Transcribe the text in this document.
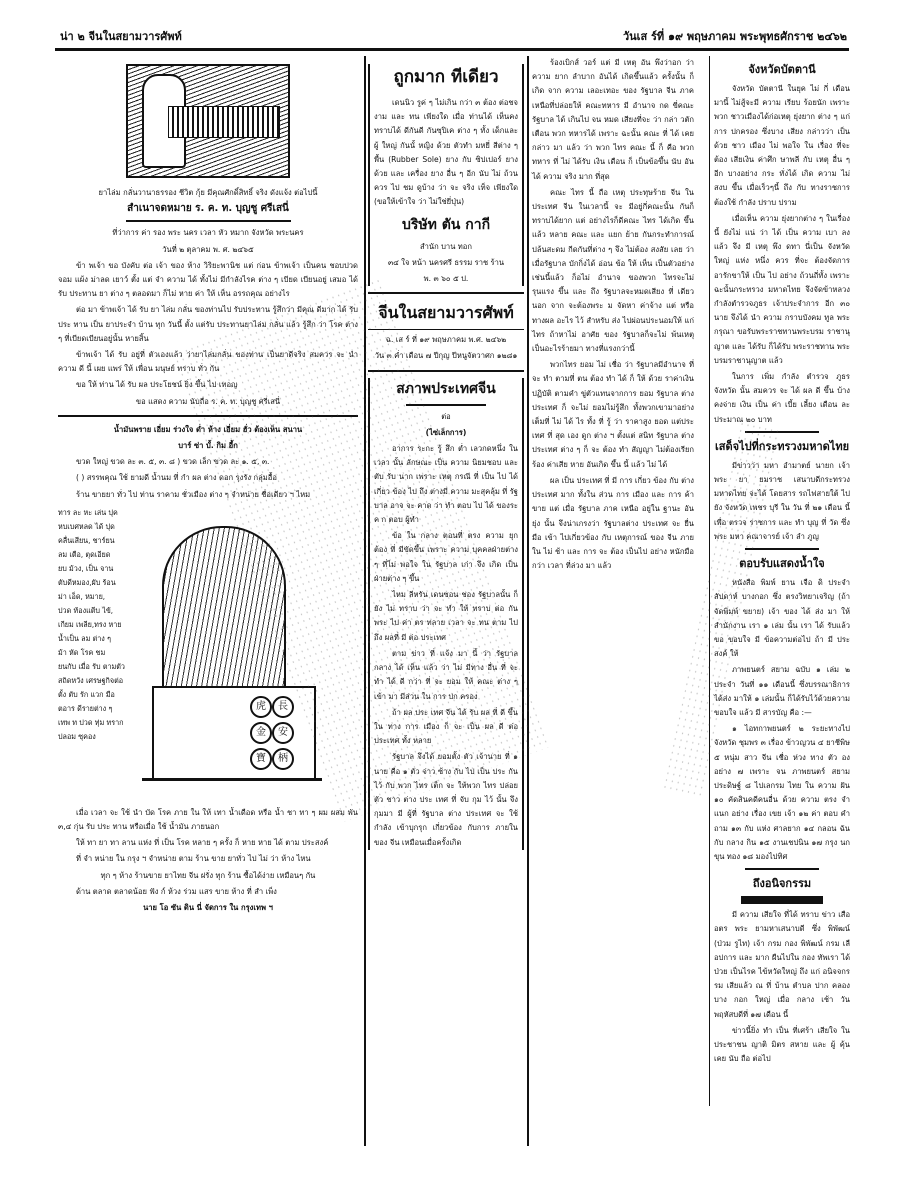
น่า ๒ จีนในสยามวารศัพท์	วันเส ร์ที่ ๑๙ พฤษภาคม พระพุทธศักราช ๒๔๖๒

ยาไล่ม กลั่นวานาธรรอง ชีวิต กุ้ย มีคุณศักดิ์สิทธิ์ จริง ดังแจ้ง ต่อไปนี้

สำเนาจดหมาย ร. ค. ท. บุญชู ศรีเสนี่

ที่ว่าการ ค่า รอง พระ นคร เวลา หัว หมาก จังหวัด พระนคร

วันที่ ๒ ตุลาคม พ. ศ. ๒๔๖๕

ข้า พเจ้า ขอ บังคับ ต่อ เจ้า ของ ห้าง วิริยะพานิช แต่ ก่อน ข้าพเจ้า เป็นคน ชอบปวด จอม แผ้ง ม่าลด เยาว์ ตั้ง แต่ จำ ความ ได้ ทั้งไม่ มีกำลังไรค ต่าง ๆ เบียด เบียนอยู่ เสมอ ได้ รับ ประทาน ยา ต่าง ๆ ตลอดมา ก็ไม่ หาย ค่า ให้ เห็น อรรถคุณ อย่างไร

ต่อ มา ข้าพเจ้า ได้ รับ ยา ไล่ม กลั่น ของท่านไป รับประทาน รู้สึกว่า มีคุณ ดีมาก ได้ รับ ประ ทาน เป็น ยาประจำ บ้าน ทุก วันนี้ ตั้ง แต่รับ ประทานยาไล่ม กลั่น แล้ว รู้สึก ว่า โรค ต่าง ๆ ที่เบียดเบียนอยู่นั้น หายสิ้น

ข้าพเจ้า ได้ รับ อยู่ที่ ตัวเองแล้ว ว่ายาไล่มกลั่น ของท่าน เป็นยาดีจริง สมควร จะ นำ ความ ดี นี้ เผย แพร่ ให้ เพื่อน มนุษย์ ทราบ ทั่ว กัน

ขอ ให้ ท่าน ได้ รับ ผล ประโยชน์ ยิ่ง ขึ้น ไป เทอญ

ขอ แสดง ความ นับถือ ร. ค. ท. บุญชู ศรีเสนี่

น้ำมันพราย เอี่ยม ร่วงใจ ด่ำ ห้าง เอี่ยม ฮั่ว ต้องเห็น สนาน

บาร์ ซ่า บั้. กิม อี้ก

ขวด ใหญ่ ขวด ละ ๓. ๕, ๓. ๘ ) ขวด เล็ก ขวด ละ ๑. ๕, ๓.

( ) สรรพคุณ ใช้ ยามดี น้ำนม ที่ กำ ผล ต่าง ดอก รุงรัง กลุ่มอื้อ

ร้าน ขายยา ทั่ว ไป ท่าน ราคาม ชั่วเมือง ต่าง ๆ จำหน่าย ชื่อเดียว ฯ ไหม

ทาร ละ หะ เล่น ปุค
หบเบศหลด ได้ ปุด
คลื่นเสียน, ชาร์ยน
ลม เตือ, ตุดเอียด
ยบ ม้วง, เป็น จาน
ตับดีหมอง,ผับ ร้อน
ม่า เอ็ด, หมาย,
ปวด ท้องแตีบ ไข้,
เกียม เพลีย,ทรง หาย
น้ำเป็น ลม ต่าง ๆ
ม้า หัด โรค ชม
ยนกับ เมื่อ รับ ตามตัว
สถิดหวัง เศรษฐกิจต่อ
ตั้ง ตับ รัก แวก มือ
ตอาร ดีรายต่าง ๆ
เทพ ท ปวด ทุ่ม ทราก
ปลอม ซุคอง
長
虎
安
金
柄
寶

เมื่อ เวลา จะ ใช้ นำ บัด โรค ภาย ใน ให้ เทา น้ำเดือด หรือ น้ำ ชา ทา ๆ ผม ผสม พัน ๓,๔ กุ่น รับ ประ ทาน หรือเมื่อ ใช้ น้ำมัน ภายนอก

ให้ ทา ยา ทา ลาน แห่ง ที่ เป็น โรค หลาย ๆ ครั้ง ก็ หาย หาย ได้ ตาม ประสงค์

ที่ จำ หน่าย ใน กรุง ฯ จำหน่าย ตาม ร้าน ขาย ยาทั่ว ไป ไม่ ว่า ห้าง ไหน

ทุก ๆ ห้าง ร้านขาย ยาไทย จีน ฝรั่ง ทุก ร้าน ซื้อได้ง่าย เหมือนๆ กัน

ด้าน ตลาด ตลาดน้อย ฟัง ก์ ห้วง ร่วม แสร ขาย ห้าง ที่ สำ เพ็ง

นาย โอ ซัน ดิน นี่ จัดการ ใน กรุงเทพ ฯ

ถูกมาก ทีเดียว

เดนนิว รูค่ ๆ ไม่เกิน กว่า ๓ ต้อง ต่อชจ งาม และ ทน เพียงใด เมื่อ ท่านได้ เห็นคงทราบได้ ดีกันดี กันซุปิเค ต่าง ๆ ทั้ง เด็กและ ผู้ ใหญ่ กันนั้ หญิง ด้วย ตัวทำ มหยี่ สีต่าง ๆ พื้น (Rubber Sole) ยาง กับ ซิปเปอร์ ยาง ด้วย และ เครื่อง ยาง อื่น ๆ อีก นับ ไม่ ถ้วน ควร ไป ชม ดูบ้าง ว่า จะ จริง เท็จ เพียงใด (ขอให้เข้าใจ ว่า ไม่ใช่ยี่ปุ่น)

บริษัท ตัน กากี

สำนัก บาน ทอก

๓๔ ใจ หน้า นครศรี ธรรม ราช ร้าน

พ. ๓ ๖๐ ๕ ป.

จีนในสยามวารศัพท์

ฉ. เส ร์ ที่ ๑๙ พฤษภาคม พ.ศ. ๒๔๖๒

วัน ๓ ค่ำ เดือน ๗ ปีกุญ ปีหนูจัตวาศก ๑๒๘๑

สภาพประเทศจีน

ต่อ

(ไซ่เล็กการ)

อาการ ระกะ รู้ สึก ต่ำ เลวกดหนึ่ง ในเวลา นั้น ลักษณะ เป็น ความ นิยมชอบ และ ตับ รับ นาก เพราะ เหตุ กรณี ที่ เป็น ไป ได้ เกี่ยว ข้อง ไป ถึง ต่างมี ความ มะสุคลุ้ม ที่ รัฐ บาล อาจ จะ คาด ว่า ทำ ตอบ ไป ได้ ของระ ค ก ตอบ ผู้ทำ

ข้อ ใน กลาง ตอนที่ ตรง ความ ยุก ต้อง ที่ มีขัดขึ้น เพราะ ความ บุคคลฝ่ายต่าง ๆ ที่ไม่ พอใจ ใน รัฐบาล เก่า จึง เกิด เป็น ฝ่ายต่าง ๆ ขึ้น

ไหม ลีหรัน เดนซอน ชอง รัฐบาลนั้น ก็ ยัง ไม่ ทราบ ว่า จะ ทำ ให้ ทราบ ต่อ กัน พระ ไป ค่า ตร ทลาย เวลา จะ ทน ตาม ไป ถึง ผลที่ มี ต่อ ประเทศ

ตาม ข่าว ที่ แจ้ง มา นี้ ว่า รัฐบาล กลาง ได้ เห็น แล้ว ว่า ไม่ มีทาง อื่น ที่ จะ ทำ ได้ ดี กว่า ที่ จะ ยอม ให้ คณะ ต่าง ๆ เข้า มา มีส่วน ใน การ ปก ครอง

ถ้า ผล ประ เทศ จีน ได้ รับ ผล ที่ ดี ขึ้น ใน ทาง การ เมือง ก็ จะ เป็น ผล ดี ต่อ ประเทศ ทั้ง หลาย

รัฐบาล จึงได้ ยอมตั้ง ตัว เจ้านาย ที่ ๑ นาย คือ ๑ ตัว จ่าว ซ้าง กับ ไป เป็น ประ กัน ไว้ กับ พวก ไทร เต็ก จะ ให้พวก ไทร ปล่อย ตัว ชาว ต่าง ประ เทศ ที่ จับ กุม ไว้ นั้น จึงกุมมา มี ผู้ที่ รัฐบาล ต่าง ประเทศ จะ ใช้ กำลัง เข้าบุกรุก เกี่ยวข้อง กับการ ภายใน ของ จีน เหมือนเมื่อครั้งเกิด

ร้องเบิกส์ วอร์ แต่ มี เหตุ อัน พึงว่าอก ว่า ความ ยาก ลำบาก อันได้ เกิดขึ้นแล้ว ครั้งนั้น ก็ เกิด จาก ความ เลอะเทอะ ของ รัฐบาล จีน ภาค เหนือที่ปล่อยให้ คณะทหาร มี อำนาจ กด ขี่คณะ รัฐบาล ได้ เกินไป จน หมด เสียงที่จะ ว่า กล่า วตักเตือน พวก ทหารได้ เพราะ ฉะนั้น คณะ ที่ ได้ เคย กล่าว มา แล้ว ว่า พวก ไทร คณะ นี้ ก็ คือ พวก ทหาร ที่ ไม่ ได้รับ เงิน เดือน ก็ เป็นข้อขึ้น นับ อันได้ ความ จริง มาก ที่สุด

คณะ ไทร นี้ ถือ เหตุ ประทุษร้าย จีน ในประเทศ จีน ในเวลานี้ จะ มีอยู่กี่คณะนั้น กันก็ ทราบได้ยาก แต่ อย่างไรก็ดีคณะ ไทร ได้เกิด ขึ้นแล้ว หลาย คณะ และ แยก ย้าย กันกระทำการณ์ ปล้นสะดม กีดกันที่ต่าง ๆ จึง ไม่ต้อง สงสัย เลย ว่า เมื่อรัฐบาล บักกิ่งได้ อ่อน ข้อ ให้ เห็น เป็นตัวอย่างเช่นนี้แล้ว ก็อไม่ อำนาจ ของพวก ไทรจะไม่ รุนแรง ขึ้น และ ถึง รัฐบาลจะหมดเสียง ที่ เดียว นอก จาก จะต้องพระ ม จัดหา ค่าจ้าง แต่ หรือ ทางผล อะไร ไว้ สำหรับ ส่ง ไปผ่อนประนอมให้ แก่ไทร ถ้าหาไม่ อาศัย ของ รัฐบาลก็จะไม่ พ้นเหตุเป็นอะไรร้ายมา ทางที่แรงกว่านี้

พวกไทร ยอม ไม่ เชื่อ ว่า รัฐบาลมีอำนาจ ที่จะ ทำ ตามที่ ตน ต้อง ทำ ได้ ก็ ให้ ด้วย ราค่าเงิน ปฏิบัติ ตามคำ ขู่ตัวแทนจากการ ยอม รัฐบาล ต่าง ประเทศ ก็ จะไม่ ยอมไม่รู้สึก ทั้งพวกเขามาอย่าง เต็มที่ ไม่ ได้ ไร ทั้ง ที่ รู้ ว่า ราคาสูง ยอด แต่ประ เทศ ที่ สุด เอง ดูก ต่าง ฯ ตั้งแต่ สนิท รัฐบาล ต่างประเทศ ต่าง ๆ ก็ จะ ต้อง ทำ สัญญา ไม่ต้องเรียก ร้อง ค่าเสีย หาย อันเกิด ขึ้น นี้ แล้ว ไม่ ได้

ผล เป็น ประเทศ ที่ มี การ เกี่ยว ข้อง กับ ต่าง ประเทศ มาก ทั้งใน ส่วน การ เมือง และ การ ค้า ขาย แต่ เมื่อ รัฐบาล ภาค เหนือ อยู่ใน ฐานะ อัน ยุ่ง นั้น จึงน่าเกรงว่า รัฐบาลต่าง ประเทศ จะ ยื่นมือ เข้า ไปเกี่ยวข้อง กับ เหตุการณ์ ของ จีน ภาย ใน ไม่ ช้า และ การ จะ ต้อง เป็นไป อย่าง หนักมือ กว่า เวลา ที่ล่วง มา แล้ว

จังหวัดบัตตานี

จังหวัด บัตตานี ในยุค ไม่ กี่ เดือน มานี้ ไม่สู้จะมี ความ เรียบ ร้อยนัก เพราะ พวก ชาวเมืองได้ก่อเหตุ ยุ่งยาก ต่าง ๆ แก่ การ ปกครอง ซึ่งบาง เสียง กล่าวว่า เป็น ด้วย ชาว เมือง ไม่ พอใจ ใน เรื่อง ที่จะ ต้อง เสียเงิน ค่าศึก ษาพลี กับ เหตุ อื่น ๆ อีก บางอย่าง กระ ทั่งได้ เกิด ความ ไม่ สงบ ขึ้น เมื่อเร็วๆนี้ ถึง กับ ทางราชการ ต้องใช้ กำลัง ปราบ ปราม

เมื่อเห็น ความ ยุ่งยากต่าง ๆ ในเรื่อง นี้ ยังไม่ แน่ ว่า ได้ เป็น ความ เบา ลง แล้ว จึง มี เหตุ พึง ดทา นี่เป็น จังหวัด ใหญ่ แห่ง หนึ่ง ควร ที่จะ ต้องจัดการอารักขาให้ เป็น ไป อย่าง ถ้วนถี่ทั้ง เพราะฉะนั้นกระทรวง มหาดไทย จึงจัดข้าหลวง กำลังตำรวจภูธร เจ้าประจำการ อีก ๓๐ นาย จึงได้ นำ ความ กราบบังคม ทูล พระ กรุณา ขอรับพระราชทานพระบรม ราชานุญาต และ ได้รับ ก็ได้รับ พระราชทาน พระ บรมราชานุญาต แล้ว

ในการ เพิ่ม กำลัง ตำรวจ ภูธร จังหวัด นั้น สมควร จะ ได้ ผล ดี ขึ้น บ้าง คงจ่าย เงิน เป็น ค่า เบี้ย เลี้ยง เดือน ละ ประมาณ ๒๐ บาท

เสด็จไปที่กระทรวงมหาดไทย

มีข่าวว่า มหา อำมาตย์ นายก เจ้า พระ ยา ยมราช เสนาบดีกระทรวง มหาดไทย จะได้ โดยสาร รถไฟสายใต้ ไป ยัง จังหวัด เพชร บุรี ใน วัน ที่ ๒๑ เดือน นี้ เพื่อ ตรวจ ราชการ และ ทำ บุญ ที่ วัด ซึ่ง พระ มหา คณาจารย์ เจ้า ลำ ภูญ

ตอบรับแสดงน้ำใจ

หนังสือ พิมพ์ ยาน เจือ ดิ ประจำ สัปดาห์ บางกอก ซึ่ง ตรงวิทยาเจริญ (ถ้าจัดพิมพ์ ขยาย) เจ้า ของ ได้ ส่ง มา ให้ สำนักงาน เรา ๑ เล่ม นั้น เรา ได้ รับแล้ว ขอ ขอบใจ มี ข้อความต่อไป ถ้า มี ประ สงค์ ให้

ภาพยนตร์ สยาม ฉบับ ๑ เล่ม ๒ ประจำ วันที่ ๑๑ เดือนนี้ ซึ่งบรรณาธิการได้ส่ง มาให้ ๑ เล่มนั้น ก็ได้รับไว้ด้วยความขอบใจ แล้ว มี สารบัญ คือ :—

๑ ไอทกาพยนตร์ ๒ ระยะทางไปจังหวัด ชุมพร ๓ เรื่อง ข้าวญวน ๔ ยาชีพิษ ๕ หนุ่ม สาว จีน เชื่อ ห่วง ทาง ตัว อง อย่าง ๗ เพราะ จน ภาพยนตร์ สยาม ประดิษฐ์ ๘ ไปเลกรม ไทย ใน ความ ฝัน ๑๐ คัดสินคดีคนอื่น ด้วย ความ ตรง จำ แนก อย่าง เรื่อง เขย เจ้า ๑๒ ค่า ตอบ คำ ถาม ๑๓ กับ แห่ง ศาลยาก ๑๔ กลอน ฉัน กับ กลาง กิน ๑๕ งานเชปนิน ๑๗ กรุง นก ขุน ทอง ๑๘ มองไปทิศ

ถึงอนิจกรรม

มี ความ เสียใจ ที่ได้ ทราบ ข่าว เสือ อตร พระ ยามหาเสนาบดี ซึ่ง พิพัฒน์ (ป่วม รูไท) เจ้า กรม กอง พิพัฒน์ กรม เลือปการ และ มาก ผืนไปใน กอง ทัพเรา ได้ ป่วย เป็นไรค ไข้หวัดใหญ่ ถึง แก่ อนิจจกรรม เสียแล้ว ณ ที่ บ้าน ตำบล ปาก คลอง บาง กอก ใหญ่ เมื่อ กลาง เช้า วัน พฤหัสบดีที่ ๑๗ เดือน นี้

ข่าวนี้ยิ่ง ทำ เป็น ที่เศร้า เสียใจ ในประชาชน ญาติ มิตร สหาย และ ผู้ คุ้น เคย นับ ถือ ต่อไป
